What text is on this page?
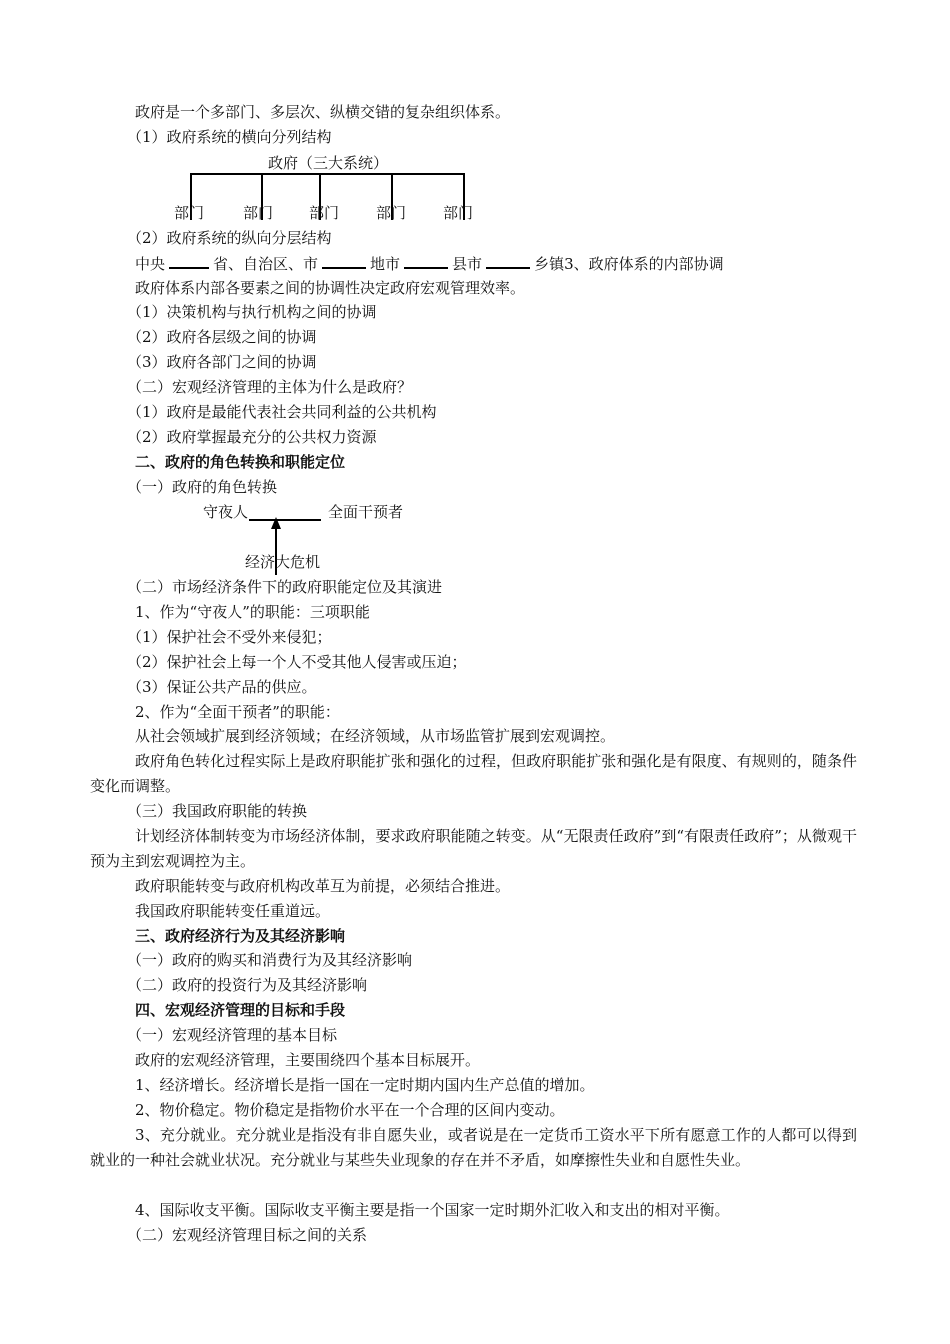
政府是一个多部门、多层次、纵横交错的复杂组织体系。
（1）政府系统的横向分列结构
政府（三大系统）
部门	部门 部门 部门 部门
（2）政府系统的纵向分层结构
中央	省、自治区、市	地市	县市	乡镇3、政府体系的内部协调
政府体系内部各要素之间的协调性决定政府宏观管理效率。
（1）决策机构与执行机构之间的协调
（2）政府各层级之间的协调
（3）政府各部门之间的协调
（二）宏观经济管理的主体为什么是政府？
（1）政府是最能代表社会共同利益的公共机构
（2）政府掌握最充分的公共权力资源
二、政府的角色转换和职能定位
（一）政府的角色转换
守夜人	全面干预者
经济大危机
（二）市场经济条件下的政府职能定位及其演进
1、作为“守夜人”的职能：三项职能
（1）保护社会不受外来侵犯；
（2）保护社会上每一个人不受其他人侵害或压迫；
（3）保证公共产品的供应。
2、作为“全面干预者”的职能：
从社会领域扩展到经济领域；在经济领域，从市场监管扩展到宏观调控。
政府角色转化过程实际上是政府职能扩张和强化的过程，但政府职能扩张和强化是有限度、有规则的，随条件变化而调整。
（三）我国政府职能的转换
计划经济体制转变为市场经济体制，要求政府职能随之转变。从“无限责任政府”到“有限责任政府”；从微观干预为主到宏观调控为主。
政府职能转变与政府机构改革互为前提，必须结合推进。
我国政府职能转变任重道远。
三、政府经济行为及其经济影响
（一）政府的购买和消费行为及其经济影响
（二）政府的投资行为及其经济影响
四、宏观经济管理的目标和手段
（一）宏观经济管理的基本目标
政府的宏观经济管理，主要围绕四个基本目标展开。
1、经济增长。经济增长是指一国在一定时期内国内生产总值的增加。
2、物价稳定。物价稳定是指物价水平在一个合理的区间内变动。
3、充分就业。充分就业是指没有非自愿失业，或者说是在一定货币工资水平下所有愿意工作的人都可以得到就业的一种社会就业状况。充分就业与某些失业现象的存在并不矛盾，如摩擦性失业和自愿性失业。
4、国际收支平衡。国际收支平衡主要是指一个国家一定时期外汇收入和支出的相对平衡。
（二）宏观经济管理目标之间的关系
